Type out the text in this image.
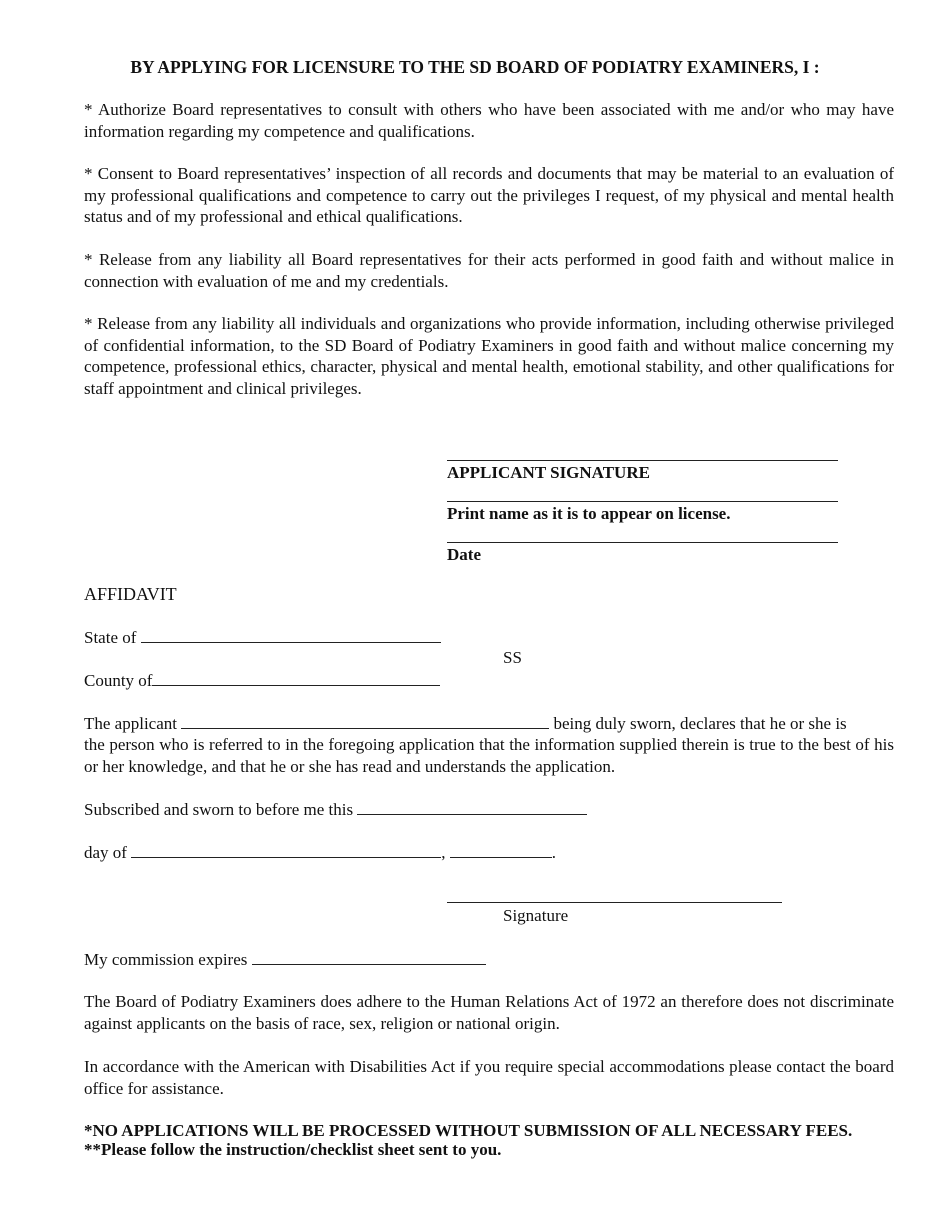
BY APPLYING FOR LICENSURE TO THE SD BOARD OF PODIATRY EXAMINERS, I :
* Authorize Board representatives to consult with others who have been associated with me and/or who may have information regarding my competence and qualifications.
* Consent to Board representatives’ inspection of all records and documents that may be material to an evaluation of my professional qualifications and competence to carry out the privileges I request, of my physical and mental health status and of my professional and ethical qualifications.
* Release from any liability all Board representatives for their acts performed in good faith and without malice in connection with evaluation of me and my credentials.
* Release from any liability all individuals and organizations who provide information, including otherwise privileged of confidential information, to the SD Board of Podiatry Examiners in good faith and without malice concerning my competence, professional ethics, character, physical and mental health, emotional stability, and other qualifications for staff appointment and clinical privileges.
APPLICANT SIGNATURE
Print name as it is to appear on license.
Date
AFFIDAVIT
State of
SS
County of
The applicant	being duly sworn, declares that he or she is
the person who is referred to in the foregoing application that the information supplied therein is true to the best of his or her knowledge, and that he or she has read and understands the application.
Subscribed and sworn to before me this
day of	,	.
Signature
My commission expires
The Board of Podiatry Examiners does adhere to the Human Relations Act of 1972 an therefore does not discriminate against applicants on the basis of race, sex, religion or national origin.
In accordance with the American with Disabilities Act if you require special accommodations please contact the board office for assistance.
*NO APPLICATIONS WILL BE PROCESSED WITHOUT SUBMISSION OF ALL NECESSARY FEES.
**Please follow the instruction/checklist sheet sent to you.
